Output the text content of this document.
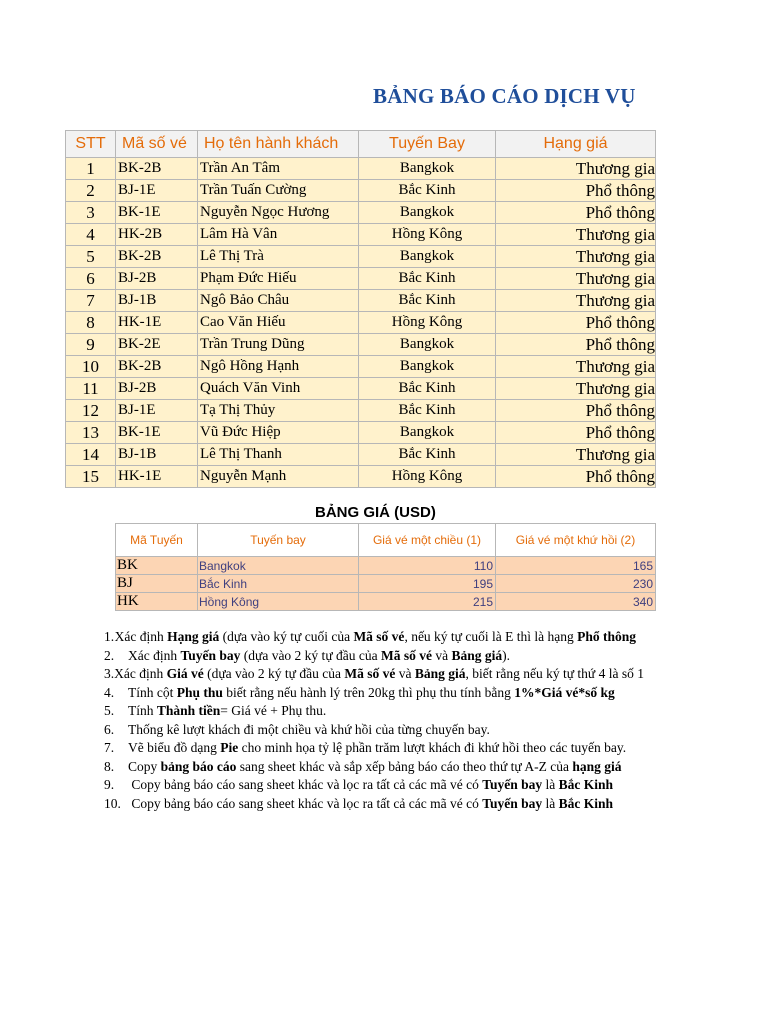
BẢNG BÁO CÁO DỊCH VỤ
STT	Mã số vé	Họ tên hành khách	Tuyến Bay	Hạng giá
1	BK-2B	Trần An Tâm	Bangkok	Thương gia
2	BJ-1E	Trần Tuấn Cường	Bắc Kinh	Phổ thông
3	BK-1E	Nguyễn Ngọc Hương	Bangkok	Phổ thông
4	HK-2B	Lâm Hà Vân	Hồng Kông	Thương gia
5	BK-2B	Lê Thị Trà	Bangkok	Thương gia
6	BJ-2B	Phạm Đức Hiếu	Bắc Kinh	Thương gia
7	BJ-1B	Ngô Bảo Châu	Bắc Kinh	Thương gia
8	HK-1E	Cao Văn Hiếu	Hồng Kông	Phổ thông
9	BK-2E	Trần Trung Dũng	Bangkok	Phổ thông
10	BK-2B	Ngô Hồng Hạnh	Bangkok	Thương gia
11	BJ-2B	Quách Văn Vinh	Bắc Kinh	Thương gia
12	BJ-1E	Tạ Thị Thủy	Bắc Kinh	Phổ thông
13	BK-1E	Vũ Đức Hiệp	Bangkok	Phổ thông
14	BJ-1B	Lê Thị Thanh	Bắc Kinh	Thương gia
15	HK-1E	Nguyễn Mạnh	Hồng Kông	Phổ thông
BẢNG GIÁ (USD)
Mã Tuyến	Tuyến bay	Giá vé một chiều (1)	Giá vé một khứ hồi (2)
BK	Bangkok	110	165
BJ	Bắc Kinh	195	230
HK	Hồng Kông	215	340
1. Xác định Hạng giá (dựa vào ký tự cuối của Mã số vé, nếu ký tự cuối là E thì là hạng Phổ thông
2.	Xác định Tuyến bay (dựa vào 2 ký tự đầu của Mã số vé và Bảng giá).
3. Xác định Giá vé (dựa vào 2 ký tự đầu của Mã số vé và Bảng giá, biết rằng nếu ký tự thứ 4 là số 1
4.	Tính cột Phụ thu biết rằng nếu hành lý trên 20kg thì phụ thu tính bằng 1%*Giá vé*số kg
5.	Tính Thành tiền= Giá vé + Phụ thu.
6.	Thống kê lượt khách đi một chiều và khứ hồi của từng chuyến bay.
7.	Vẽ biểu đồ dạng Pie cho minh họa tỷ lệ phần trăm lượt khách đi khứ hồi theo các tuyến bay.
8.	Copy bảng báo cáo sang sheet khác và sắp xếp bảng báo cáo theo thứ tự A-Z của hạng giá
9.	Copy bảng báo cáo sang sheet khác và lọc ra tất cả các mã vé có Tuyến bay là Bắc Kinh
10. Copy bảng báo cáo sang sheet khác và lọc ra tất cả các mã vé có Tuyến bay là Bắc Kinh
